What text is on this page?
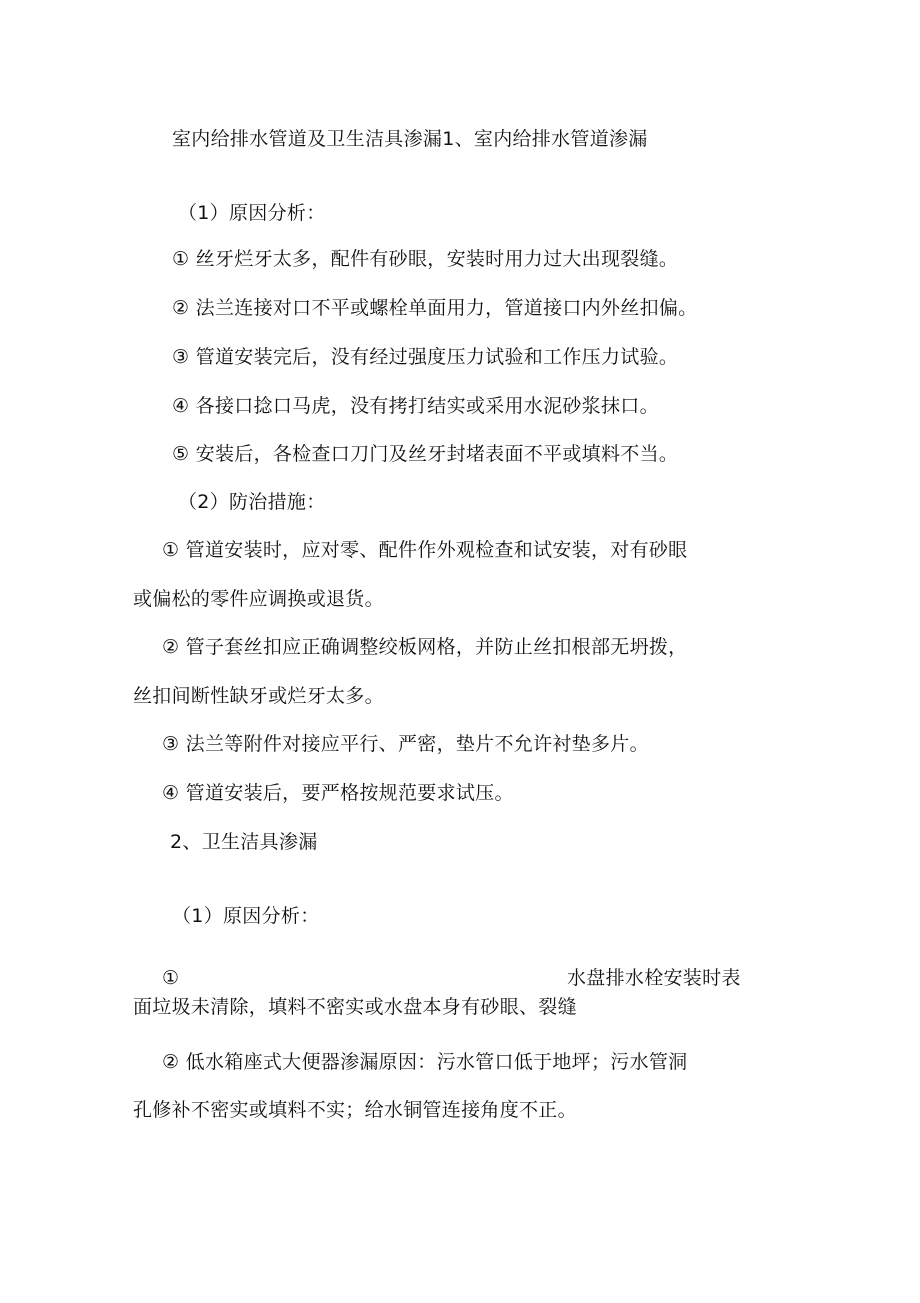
室内给排水管道及卫生洁具渗漏1、室内给排水管道渗漏
（1）原因分析：
① 丝牙烂牙太多，配件有砂眼，安装时用力过大出现裂缝。
② 法兰连接对口不平或螺栓单面用力，管道接口内外丝扣偏。
③ 管道安装完后，没有经过强度压力试验和工作压力试验。
④ 各接口捻口马虎，没有拷打结实或采用水泥砂浆抹口。
⑤ 安装后，各检查口刀门及丝牙封堵表面不平或填料不当。
（2）防治措施：
① 管道安装时，应对零、配件作外观检查和试安装，对有砂眼
或偏松的零件应调换或退货。
② 管子套丝扣应正确调整绞板网格，并防止丝扣根部无坍拨，
丝扣间断性缺牙或烂牙太多。
③ 法兰等附件对接应平行、严密，垫片不允许衬垫多片。
④ 管道安装后，要严格按规范要求试压。
2、卫生洁具渗漏
（1）原因分析：
①	水盘排水栓安装时表
面垃圾未清除，填料不密实或水盘本身有砂眼、裂缝
② 低水箱座式大便器渗漏原因：污水管口低于地坪；污水管洞
孔修补不密实或填料不实；给水铜管连接角度不正。
